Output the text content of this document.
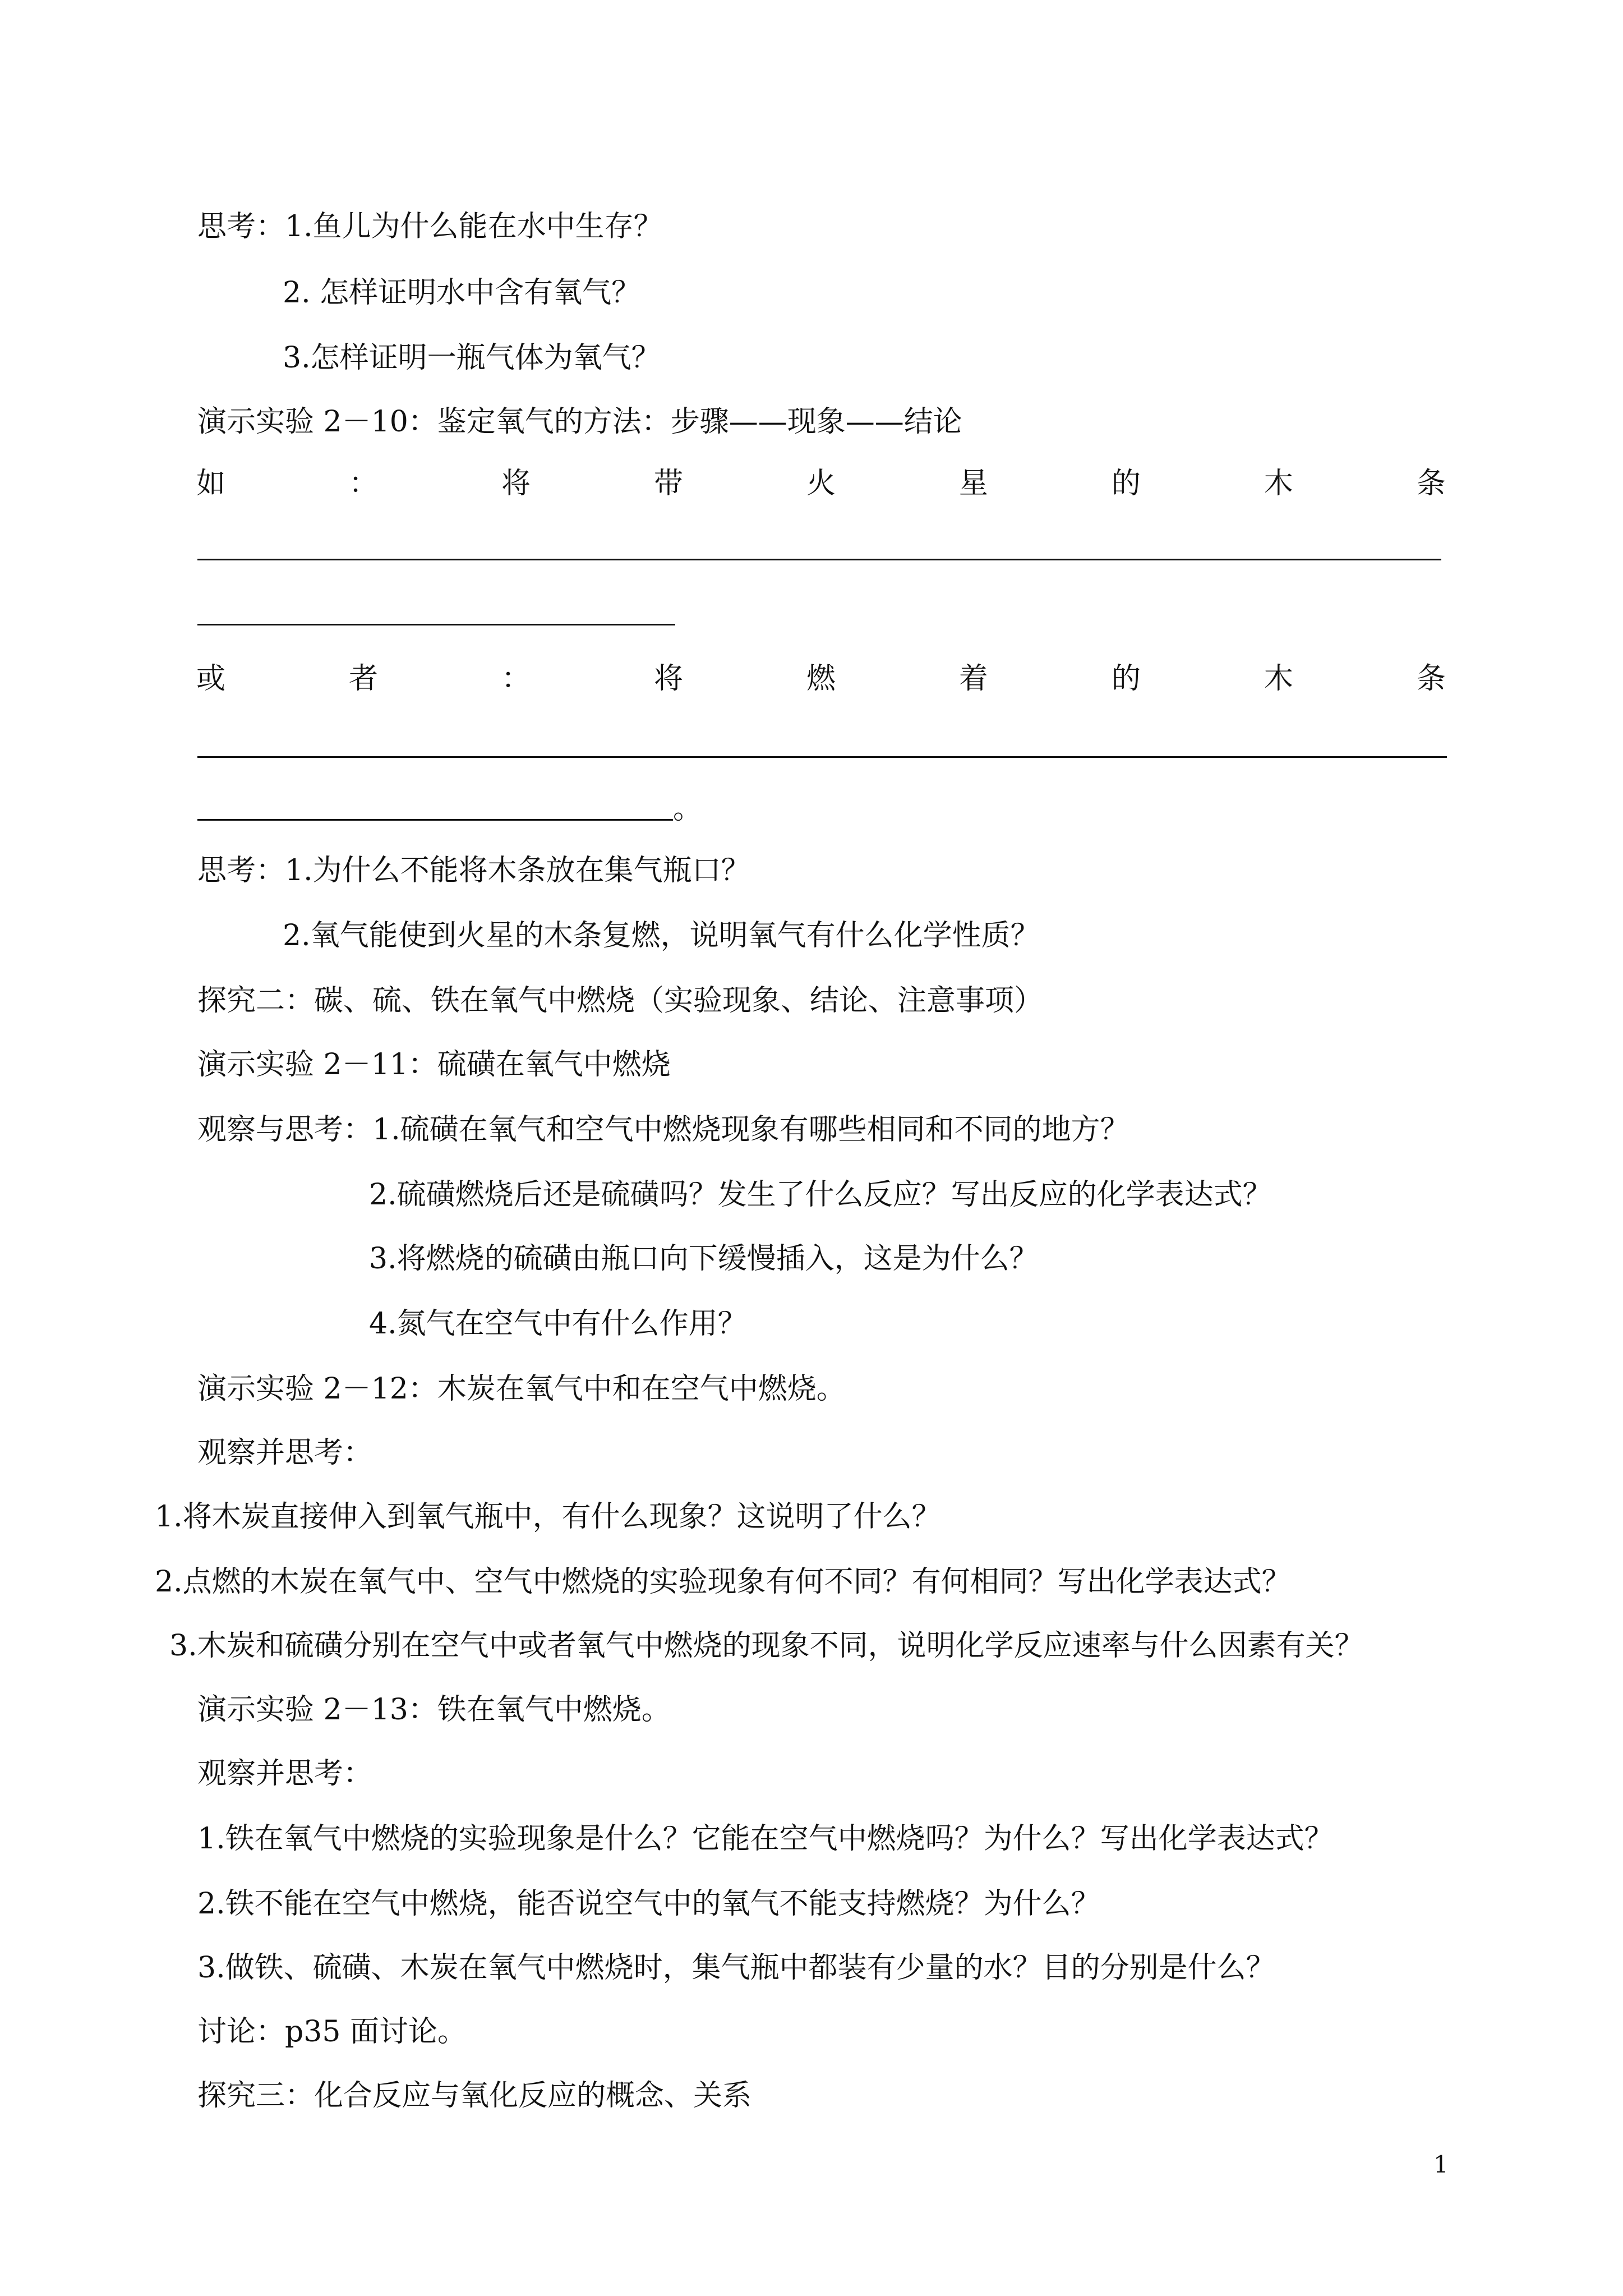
思考：1.鱼儿为什么能在水中生存？
2. 怎样证明水中含有氧气？
3.怎样证明一瓶气体为氧气？
演示实验 2－10：鉴定氧气的方法：步骤——现象——结论
如	：	将	带	火	星	的	木	条
或	者	：	将	燃	着	的	木	条
。
思考：1.为什么不能将木条放在集气瓶口？
2.氧气能使到火星的木条复燃，说明氧气有什么化学性质？
探究二：碳、硫、铁在氧气中燃烧（实验现象、结论、注意事项）
演示实验 2－11：硫磺在氧气中燃烧
观察与思考：1.硫磺在氧气和空气中燃烧现象有哪些相同和不同的地方？
2.硫磺燃烧后还是硫磺吗？发生了什么反应？写出反应的化学表达式？
3.将燃烧的硫磺由瓶口向下缓慢插入，这是为什么？
4.氮气在空气中有什么作用？
演示实验 2－12：木炭在氧气中和在空气中燃烧。
观察并思考：
1.将木炭直接伸入到氧气瓶中，有什么现象？这说明了什么？
2.点燃的木炭在氧气中、空气中燃烧的实验现象有何不同？有何相同？写出化学表达式？
3.木炭和硫磺分别在空气中或者氧气中燃烧的现象不同，说明化学反应速率与什么因素有关？
演示实验 2－13：铁在氧气中燃烧。
观察并思考：
1.铁在氧气中燃烧的实验现象是什么？它能在空气中燃烧吗？为什么？写出化学表达式？
2.铁不能在空气中燃烧，能否说空气中的氧气不能支持燃烧？为什么？
3.做铁、硫磺、木炭在氧气中燃烧时，集气瓶中都装有少量的水？目的分别是什么？
讨论：p35 面讨论。
探究三：化合反应与氧化反应的概念、关系
1
